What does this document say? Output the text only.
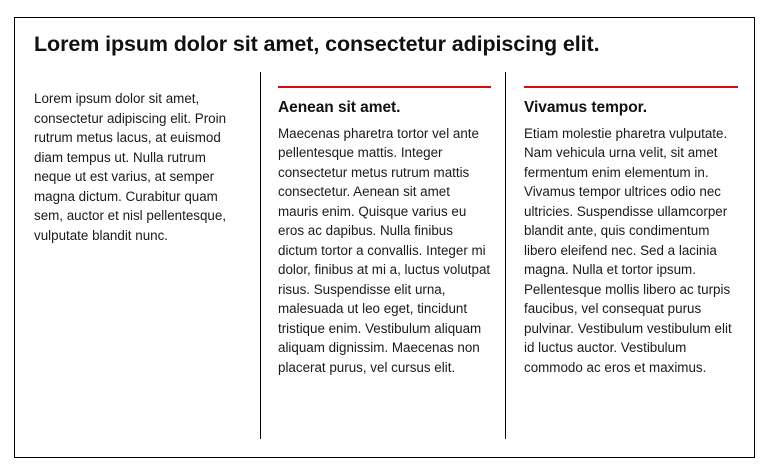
Lorem ipsum dolor sit amet, consectetur adipiscing elit.

Lorem ipsum dolor sit amet, consectetur adipiscing elit. Proin rutrum metus lacus, at euismod diam tempus ut. Nulla rutrum neque ut est varius, at semper magna dictum. Curabitur quam sem, auctor et nisl pellentesque, vulputate blandit nunc.

Aenean sit amet.

Maecenas pharetra tortor vel ante pellentesque mattis. Integer consectetur metus rutrum mattis consectetur. Aenean sit amet mauris enim. Quisque varius eu eros ac dapibus. Nulla finibus dictum tortor a convallis. Integer mi dolor, finibus at mi a, luctus volutpat risus. Suspendisse elit urna, malesuada ut leo eget, tincidunt tristique enim. Vestibulum aliquam aliquam dignissim. Maecenas non placerat purus, vel cursus elit.

Vivamus tempor.

Etiam molestie pharetra vulputate. Nam vehicula urna velit, sit amet fermentum enim elementum in. Vivamus tempor ultrices odio nec ultricies. Suspendisse ullamcorper blandit ante, quis condimentum libero eleifend nec. Sed a lacinia magna. Nulla et tortor ipsum.

Pellentesque mollis libero ac turpis faucibus, vel consequat purus pulvinar. Vestibulum vestibulum elit id luctus auctor. Vestibulum commodo ac eros et maximus.
